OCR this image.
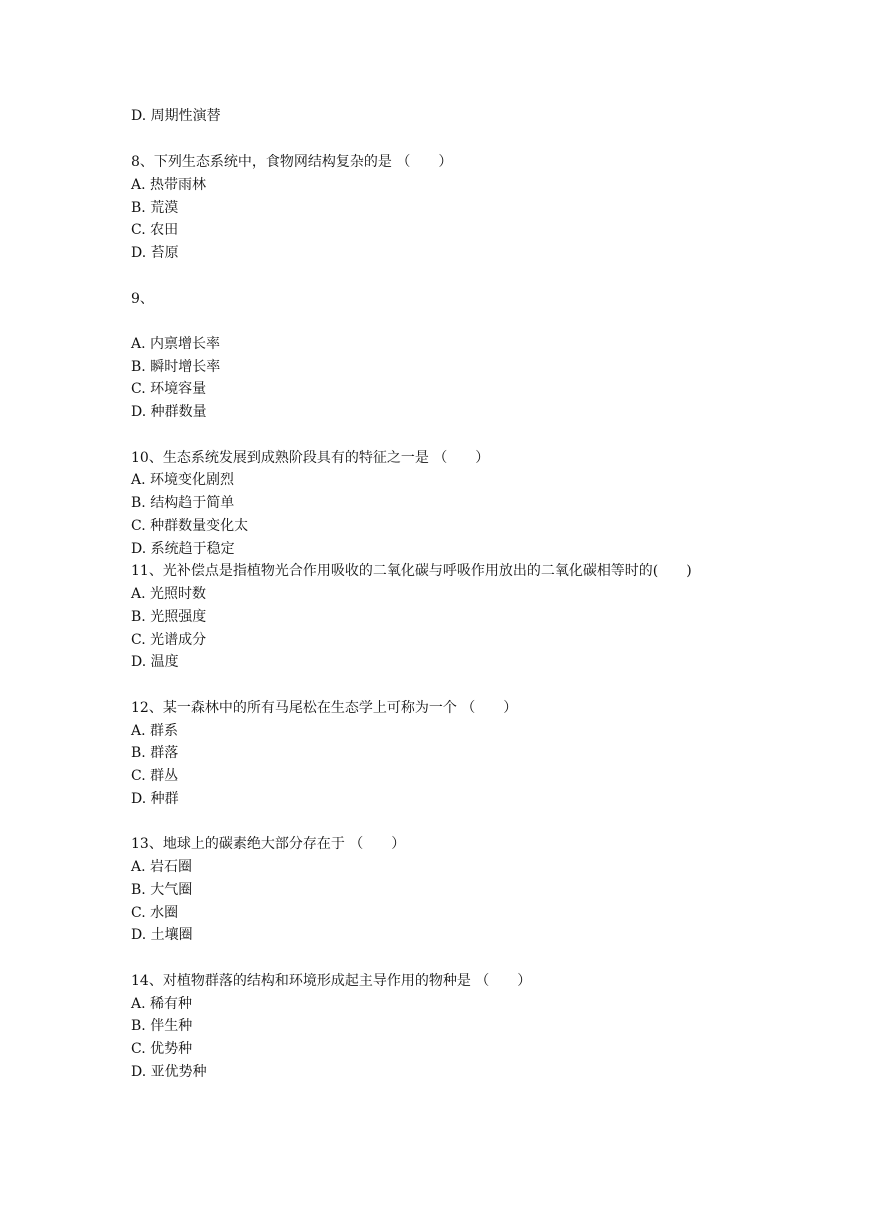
D. 周期性演替
8、下列生态系统中，食物网结构复杂的是 （　　）
A. 热带雨林
B. 荒漠
C. 农田
D. 苔原
9、
A. 内禀增长率
B. 瞬时增长率
C. 环境容量
D. 种群数量
10、生态系统发展到成熟阶段具有的特征之一是 （　　）
A. 环境变化剧烈
B. 结构趋于简单
C. 种群数量变化太
D. 系统趋于稳定
11、光补偿点是指植物光合作用吸收的二氧化碳与呼吸作用放出的二氧化碳相等时的(　　)
A. 光照时数
B. 光照强度
C. 光谱成分
D. 温度
12、某一森林中的所有马尾松在生态学上可称为一个 （　　）
A. 群系
B. 群落
C. 群丛
D. 种群
13、地球上的碳素绝大部分存在于 （　　）
A. 岩石圈
B. 大气圈
C. 水圈
D. 土壤圈
14、对植物群落的结构和环境形成起主导作用的物种是 （　　）
A. 稀有种
B. 伴生种
C. 优势种
D. 亚优势种
